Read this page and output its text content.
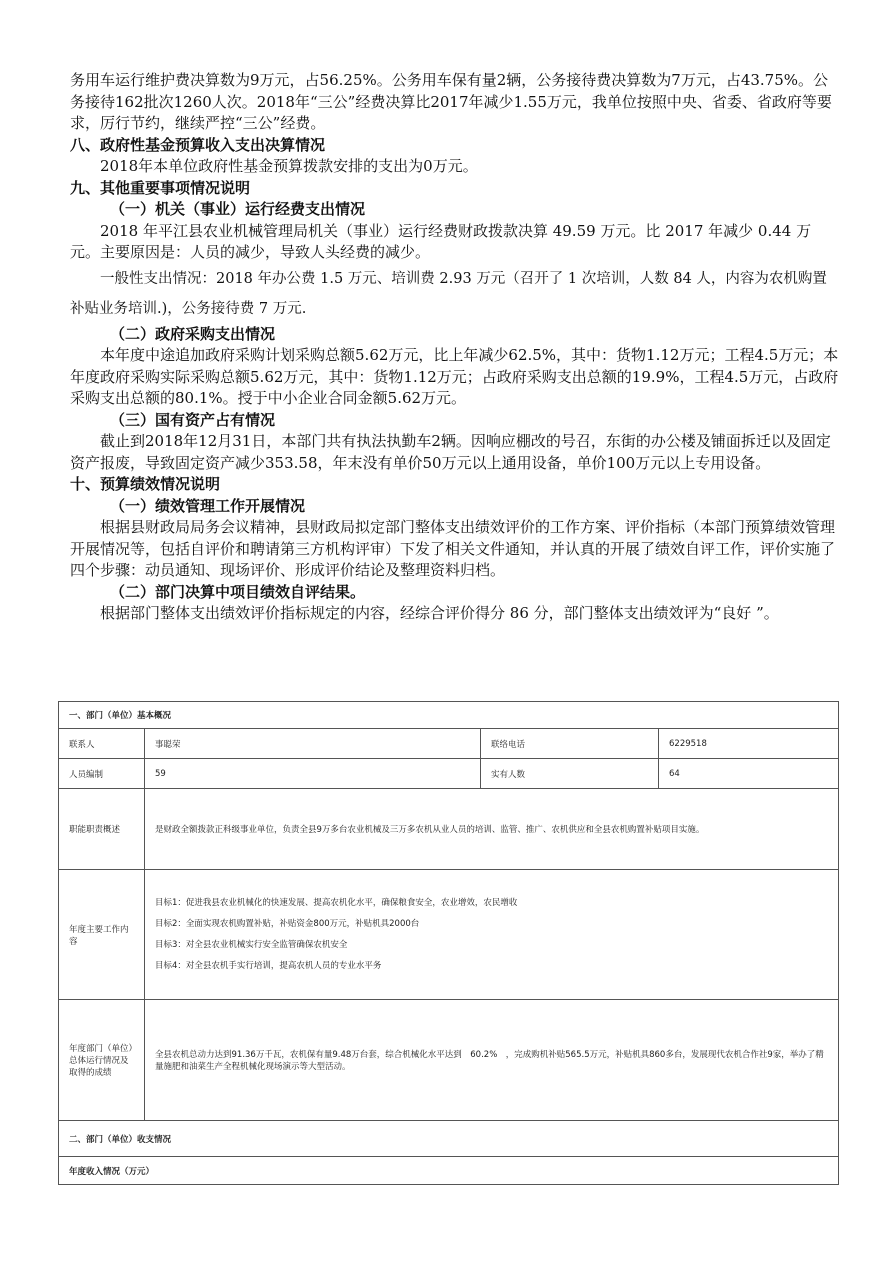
务用车运行维护费决算数为9万元，占56.25%。公务用车保有量2辆，公务接待费决算数为7万元，占43.75%。公务接待162批次1260人次。2018年“三公”经费决算比2017年减少1.55万元，我单位按照中央、省委、省政府等要求，厉行节约，继续严控“三公”经费。

八、政府性基金预算收入支出决算情况

2018年本单位政府性基金预算拨款安排的支出为0万元。

九、其他重要事项情况说明

（一）机关（事业）运行经费支出情况

2018 年平江县农业机械管理局机关（事业）运行经费财政拨款决算 49.59 万元。比 2017 年减少 0.44 万元。主要原因是：人员的减少，导致人头经费的减少。

一般性支出情况：2018 年办公费 1.5 万元、培训费 2.93 万元（召开了 1 次培训，人数 84 人，内容为农机购置补贴业务培训.)，公务接待费 7 万元.

（二）政府采购支出情况

本年度中途追加政府采购计划采购总额5.62万元，比上年减少62.5%，其中：货物1.12万元；工程4.5万元；本年度政府采购实际采购总额5.62万元，其中：货物1.12万元；占政府采购支出总额的19.9%，工程4.5万元，占政府采购支出总额的80.1%。授于中小企业合同金额5.62万元。

（三）国有资产占有情况

截止到2018年12月31日，本部门共有执法执勤车2辆。因响应棚改的号召，东街的办公楼及铺面拆迁以及固定资产报废，导致固定资产减少353.58，年末没有单价50万元以上通用设备，单价100万元以上专用设备。

十、预算绩效情况说明

（一）绩效管理工作开展情况

根据县财政局局务会议精神，县财政局拟定部门整体支出绩效评价的工作方案、评价指标（本部门预算绩效管理开展情况等，包括自评价和聘请第三方机构评审）下发了相关文件通知，并认真的开展了绩效自评工作，评价实施了四个步骤：动员通知、现场评价、形成评价结论及整理资料归档。

（二）部门决算中项目绩效自评结果。

根据部门整体支出绩效评价指标规定的内容，经综合评价得分 86 分，部门整体支出绩效评为“良好 ”。

一、部门（单位）基本概况			
联系人	事聪荣	联络电话	6229518
人员编制	59	实有人数	64
职能职责概述	是财政全额拨款正科级事业单位，负责全县9万多台农业机械及三万多农机从业人员的培训、监管、推广、农机供应和全县农机购置补贴项目实施。		
年度主要工作内容	目标1：促进我县农业机械化的快速发展、提高农机化水平，确保粮食安全，农业增效，农民增收
目标2：全面实现农机购置补贴，补贴资金800万元，补贴机具2000台
目标3：对全县农业机械实行安全监管确保农机安全
目标4：对全县农机手实行培训，提高农机人员的专业水平务		

年度部门（单位）总体运行情况及取得的成绩	全县农机总动力达到91.36万千瓦，农机保有量9.48万台套，综合机械化水平达到　60.2%　，完成购机补贴565.5万元，补贴机具860多台，发展现代农机合作社9家，举办了精量施肥和油菜生产全程机械化现场演示等大型活动。		
二、部门（单位）收支情况			
年度收入情况（万元）			
